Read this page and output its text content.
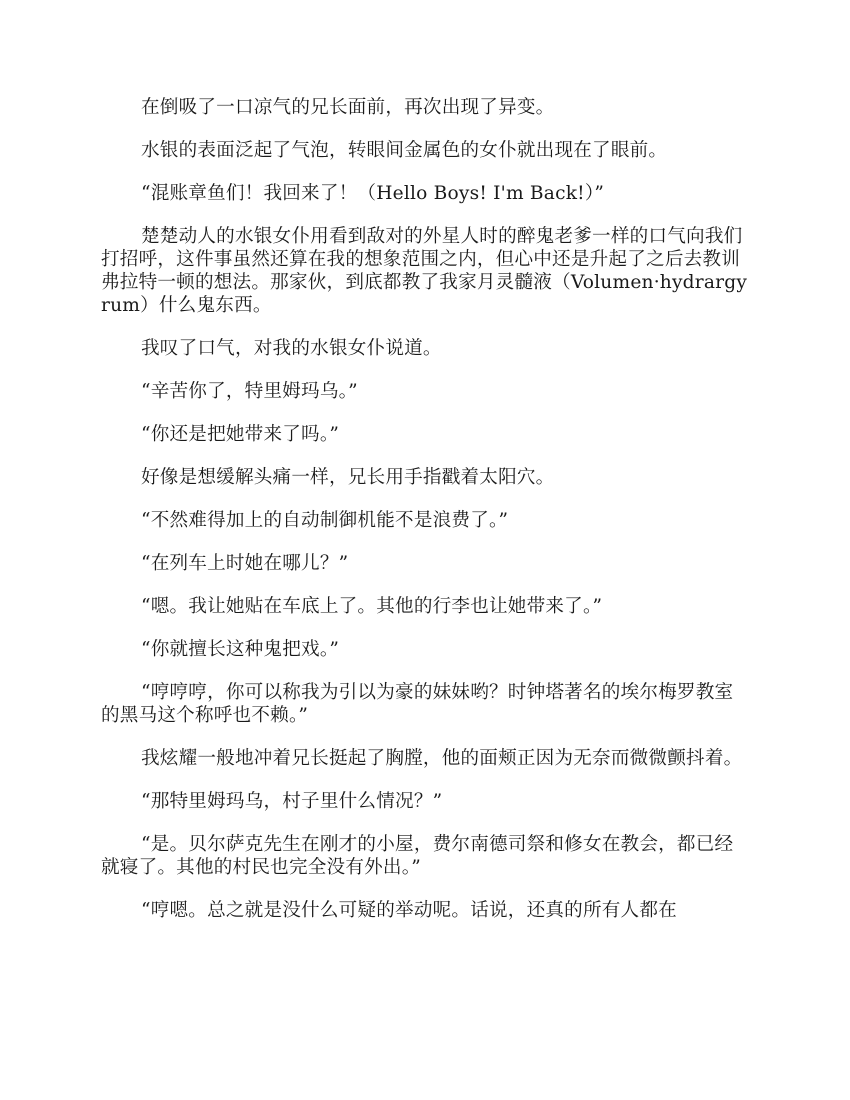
在倒吸了一口凉气的兄长面前，再次出现了异变。

水银的表面泛起了气泡，转眼间金属色的女仆就出现在了眼前。

“混账章鱼们！我回来了！（Hello Boys! I'm Back!）”

楚楚动人的水银女仆用看到敌对的外星人时的醉鬼老爹一样的口气向我们打招呼，这件事虽然还算在我的想象范围之内，但心中还是升起了之后去教训弗拉特一顿的想法。那家伙，到底都教了我家月灵髓液（Volumen·hydrargyrum）什么鬼东西。

我叹了口气，对我的水银女仆说道。

“辛苦你了，特里姆玛乌。”

“你还是把她带来了吗。”

好像是想缓解头痛一样，兄长用手指戳着太阳穴。

“不然难得加上的自动制御机能不是浪费了。”

“在列车上时她在哪儿？”

“嗯。我让她贴在车底上了。其他的行李也让她带来了。”

“你就擅长这种鬼把戏。”

“哼哼哼，你可以称我为引以为豪的妹妹哟？时钟塔著名的埃尔梅罗教室的黑马这个称呼也不赖。”

我炫耀一般地冲着兄长挺起了胸膛，他的面颊正因为无奈而微微颤抖着。

“那特里姆玛乌，村子里什么情况？”

“是。贝尔萨克先生在刚才的小屋，费尔南德司祭和修女在教会，都已经就寝了。其他的村民也完全没有外出。”

“哼嗯。总之就是没什么可疑的举动呢。话说，还真的所有人都在
